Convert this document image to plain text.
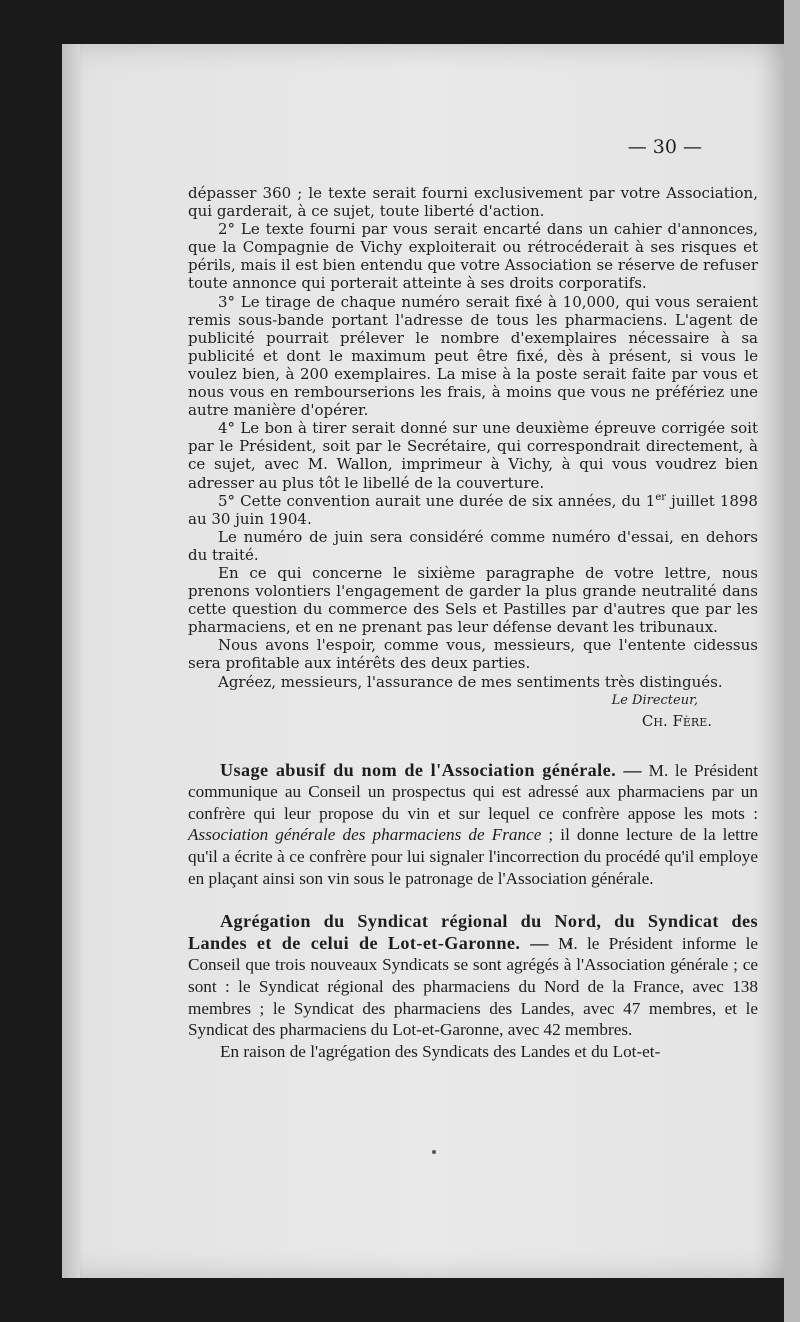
— 30 —

dépasser 360 ; le texte serait fourni exclusivement par votre Association, qui garderait, à ce sujet, toute liberté d'action.

2° Le texte fourni par vous serait encarté dans un cahier d'annonces, que la Compagnie de Vichy exploiterait ou rétrocéderait à ses risques et périls, mais il est bien entendu que votre Association se réserve de refuser toute annonce qui porterait atteinte à ses droits corporatifs.

3° Le tirage de chaque numéro serait fixé à 10,000, qui vous seraient remis sous-bande portant l'adresse de tous les pharmaciens. L'agent de publicité pourrait prélever le nombre d'exemplaires nécessaire à sa publicité et dont le maximum peut être fixé, dès à présent, si vous le voulez bien, à 200 exemplaires. La mise à la poste serait faite par vous et nous vous en rembourserions les frais, à moins que vous ne préfériez une autre manière d'opérer.

4° Le bon à tirer serait donné sur une deuxième épreuve corrigée soit par le Président, soit par le Secrétaire, qui correspondrait directement, à ce sujet, avec M. Wallon, imprimeur à Vichy, à qui vous voudrez bien adresser au plus tôt le libellé de la couverture.

5° Cette convention aurait une durée de six années, du 1er juillet 1898 au 30 juin 1904.

Le numéro de juin sera considéré comme numéro d'essai, en dehors du traité.

En ce qui concerne le sixième paragraphe de votre lettre, nous prenons volontiers l'engagement de garder la plus grande neutralité dans cette question du commerce des Sels et Pastilles par d'autres que par les pharmaciens, et en ne prenant pas leur défense devant les tribunaux.

Nous avons l'espoir, comme vous, messieurs, que l'entente cidessus sera profitable aux intérêts des deux parties.

Agréez, messieurs, l'assurance de mes sentiments très distingués.

Le Directeur,
Ch. Fère.

Usage abusif du nom de l'Association générale. — M. le Président communique au Conseil un prospectus qui est adressé aux pharmaciens par un confrère qui leur propose du vin et sur lequel ce confrère appose les mots : Association générale des pharmaciens de France ; il donne lecture de la lettre qu'il a écrite à ce confrère pour lui signaler l'incorrection du procédé qu'il employe en plaçant ainsi son vin sous le patronage de l'Association générale.

Agrégation du Syndicat régional du Nord, du Syndicat des Landes et de celui de Lot-et-Garonne. — M. le Président informe le Conseil que trois nouveaux Syndicats se sont agrégés à l'Association générale ; ce sont : le Syndicat régional des pharmaciens du Nord de la France, avec 138 membres ; le Syndicat des pharmaciens des Landes, avec 47 membres, et le Syndicat des pharmaciens du Lot-et-Garonne, avec 42 membres.

En raison de l'agrégation des Syndicats des Landes et du Lot-et-
